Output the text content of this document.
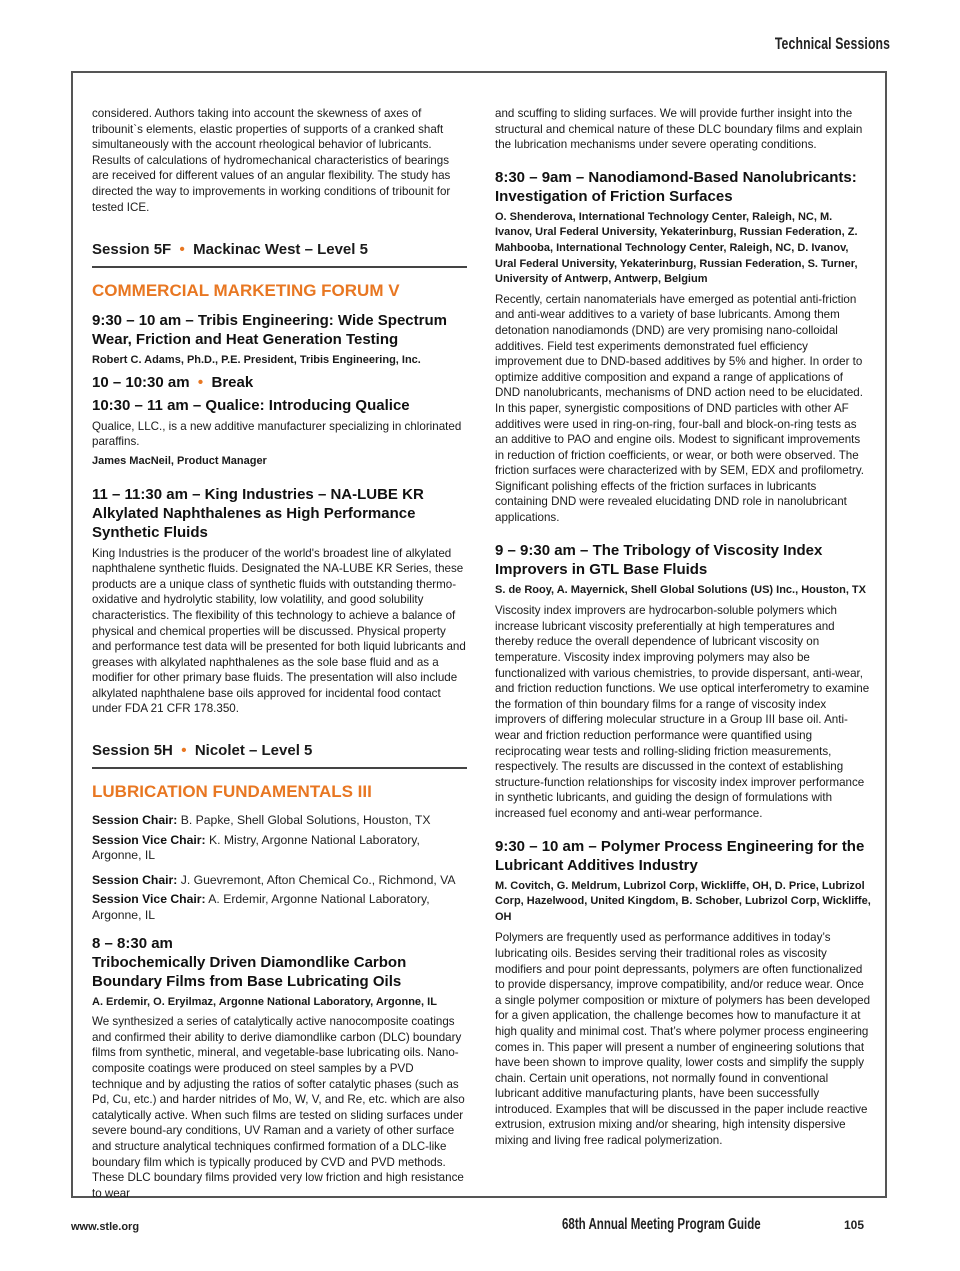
Technical Sessions

considered. Authors taking into account the skewness of axes of tribounit`s elements, elastic properties of supports of a cranked shaft simultaneously with the account rheological behavior of lubricants. Results of calculations of hydromechanical characteristics of bearings are received for different values of an angular flexibility. The study has directed the way to improvements in working conditions of tribounit for tested ICE.

Session 5F  •  Mackinac West – Level 5

COMMERCIAL MARKETING FORUM V

9:30 – 10 am – Tribis Engineering: Wide Spectrum Wear, Friction and Heat Generation Testing

Robert C. Adams, Ph.D., P.E. President, Tribis Engineering, Inc.

10 – 10:30 am  •  Break

10:30 – 11 am – Qualice: Introducing Qualice

Qualice, LLC., is a new additive manufacturer specializing in chlorinated paraffins.

James MacNeil, Product Manager

11 – 11:30 am – King Industries – NA-LUBE KR Alkylated Naphthalenes as High Performance Synthetic Fluids

King Industries is the producer of the world's broadest line of alkylated naphthalene synthetic fluids. Designated the NA-LUBE KR Series, these products are a unique class of synthetic fluids with outstanding thermo-oxidative and hydrolytic stability, low volatility, and good solubility characteristics. The flexibility of this technology to achieve a balance of physical and chemical properties will be discussed. Physical property and performance test data will be presented for both liquid lubricants and greases with alkylated naphthalenes as the sole base fluid and as a modifier for other primary base fluids. The presentation will also include alkylated naphthalene base oils approved for incidental food contact under FDA 21 CFR 178.350.

Session 5H  •  Nicolet – Level 5

LUBRICATION FUNDAMENTALS III

Session Chair: B. Papke, Shell Global Solutions, Houston, TX

Session Vice Chair: K. Mistry, Argonne National Laboratory, Argonne, IL

Session Chair: J. Guevremont, Afton Chemical Co., Richmond, VA

Session Vice Chair: A. Erdemir, Argonne National Laboratory, Argonne, IL

8 – 8:30 am

Tribochemically Driven Diamondlike Carbon Boundary Films from Base Lubricating Oils

A. Erdemir, O. Eryilmaz, Argonne National Laboratory, Argonne, IL

We synthesized a series of catalytically active nanocomposite coatings and confirmed their ability to derive diamondlike carbon (DLC) boundary films from synthetic, mineral, and vegetable-base lubricating oils. Nano-composite coatings were produced on steel samples by a PVD technique and by adjusting the ratios of softer catalytic phases (such as Pd, Cu, etc.) and harder nitrides of Mo, W, V, and Re, etc. which are also catalytically active. When such films are tested on sliding surfaces under severe bound-ary conditions, UV Raman and a variety of other surface and structure analytical techniques confirmed formation of a DLC-like boundary film which is typically produced by CVD and PVD methods. These DLC boundary films provided very low friction and high resistance to wear

and scuffing to sliding surfaces. We will provide further insight into the structural and chemical nature of these DLC boundary films and explain the lubrication mechanisms under severe operating conditions.

8:30 – 9am – Nanodiamond-Based Nanolubricants: Investigation of Friction Surfaces

O. Shenderova, International Technology Center, Raleigh, NC, M. Ivanov, Ural Federal University, Yekaterinburg, Russian Federation, Z. Mahbooba, International Technology Center, Raleigh, NC, D. Ivanov, Ural Federal University, Yekaterinburg, Russian Federation, S. Turner, University of Antwerp, Antwerp, Belgium

Recently, certain nanomaterials have emerged as potential anti-friction and anti-wear additives to a variety of base lubricants. Among them detonation nanodiamonds (DND) are very promising nano-colloidal additives. Field test experiments demonstrated fuel efficiency improvement due to DND-based additives by 5% and higher. In order to optimize additive composition and expand a range of applications of DND nanolubricants, mechanisms of DND action need to be elucidated. In this paper, synergistic compositions of DND particles with other AF additives were used in ring-on-ring, four-ball and block-on-ring tests as an additive to PAO and engine oils. Modest to significant improvements in reduction of friction coefficients, or wear, or both were observed. The friction surfaces were characterized with by SEM, EDX and profilometry. Significant polishing effects of the friction surfaces in lubricants containing DND were revealed elucidating DND role in nanolubricant applications.

9 – 9:30 am – The Tribology of Viscosity Index Improvers in GTL Base Fluids

S. de Rooy, A. Mayernick, Shell Global Solutions (US) Inc., Houston, TX

Viscosity index improvers are hydrocarbon-soluble polymers which increase lubricant viscosity preferentially at high temperatures and thereby reduce the overall dependence of lubricant viscosity on temperature. Viscosity index improving polymers may also be functionalized with various chemistries, to provide dispersant, anti-wear, and friction reduction functions. We use optical interferometry to examine the formation of thin boundary films for a range of viscosity index improvers of differing molecular structure in a Group III base oil. Anti-wear and friction reduction performance were quantified using reciprocating wear tests and rolling-sliding friction measurements, respectively. The results are discussed in the context of establishing structure-function relationships for viscosity index improver performance in synthetic lubricants, and guiding the design of formulations with increased fuel economy and anti-wear performance.

9:30 – 10 am – Polymer Process Engineering for the Lubricant Additives Industry

M. Covitch, G. Meldrum, Lubrizol Corp, Wickliffe, OH, D. Price, Lubrizol Corp, Hazelwood, United Kingdom, B. Schober, Lubrizol Corp, Wickliffe, OH

Polymers are frequently used as performance additives in today’s lubricating oils. Besides serving their traditional roles as viscosity modifiers and pour point depressants, polymers are often functionalized to provide dispersancy, improve compatibility, and/or reduce wear. Once a single polymer composition or mixture of polymers has been developed for a given application, the challenge becomes how to manufacture it at high quality and minimal cost. That’s where polymer process engineering comes in. This paper will present a number of engineering solutions that have been shown to improve quality, lower costs and simplify the supply chain. Certain unit operations, not normally found in conventional lubricant additive manufacturing plants, have been successfully introduced. Examples that will be discussed in the paper include reactive extrusion, extrusion mixing and/or shearing, high intensity dispersive mixing and living free radical polymerization.

www.stle.org	68th Annual Meeting Program Guide	105
